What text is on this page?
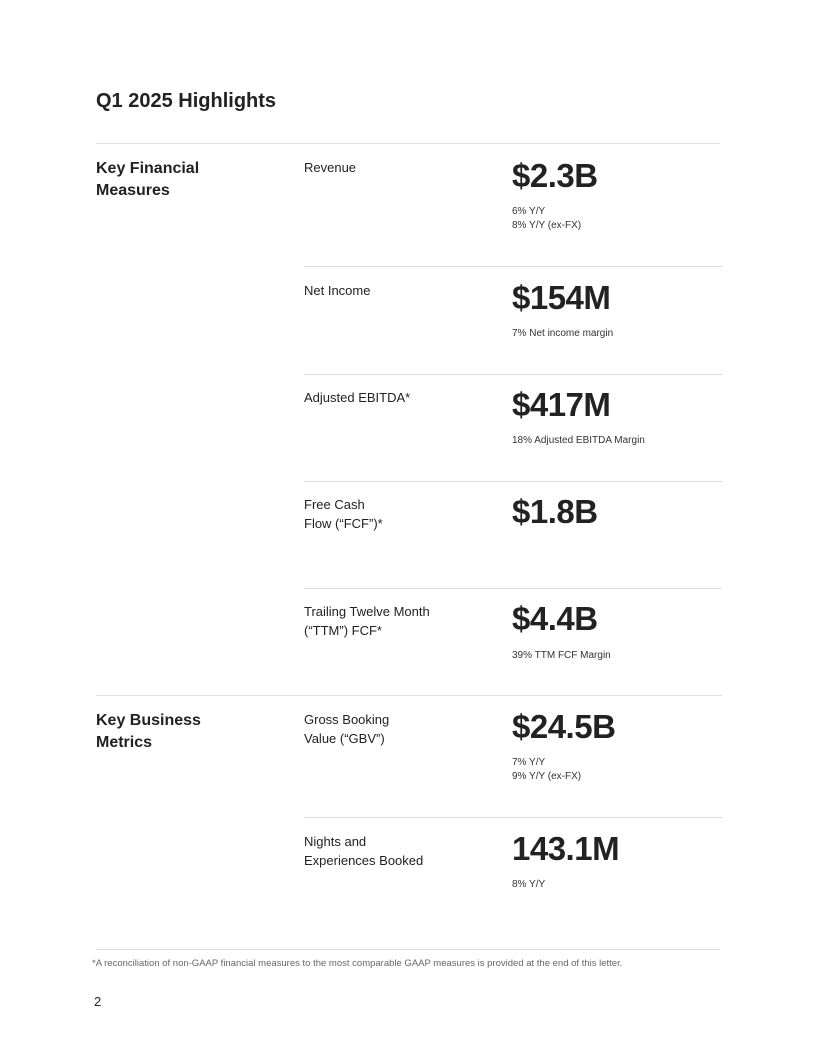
Q1 2025 Highlights
Key Financial
Measures
Revenue	$2.3B
6% Y/Y
8% Y/Y (ex-FX)
Net Income	$154M
7% Net income margin
Adjusted EBITDA*	$417M
18% Adjusted EBITDA Margin
Free Cash
Flow (“FCF”)*	$1.8B
Trailing Twelve Month
(“TTM”) FCF*	$4.4B
39% TTM FCF Margin
Key Business
Metrics
Gross Booking
Value (“GBV”)	$24.5B
7% Y/Y
9% Y/Y (ex-FX)
Nights and
Experiences Booked	143.1M
8% Y/Y
*A reconciliation of non-GAAP financial measures to the most comparable GAAP measures is provided at the end of this letter.
2
